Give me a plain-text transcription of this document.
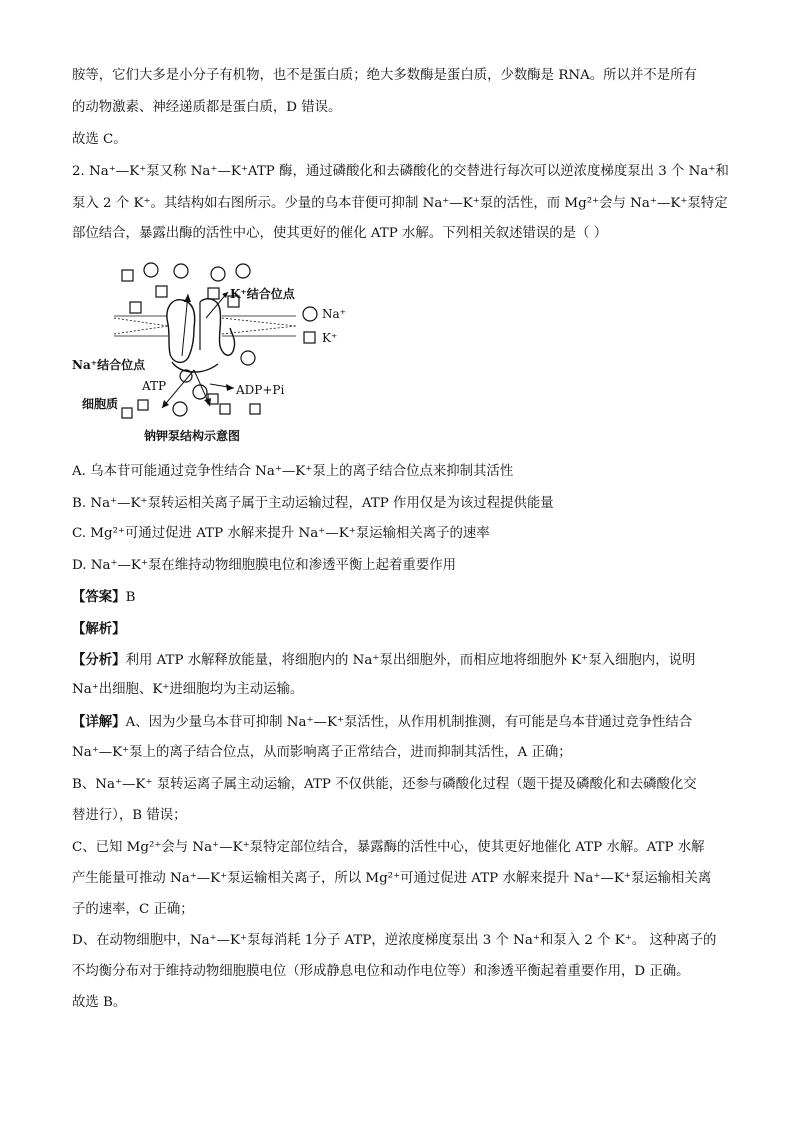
胺等，它们大多是小分子有机物，也不是蛋白质；绝大多数酶是蛋白质，少数酶是 RNA。所以并不是所有
的动物激素、神经递质都是蛋白质，D 错误。
故选 C。
2. Na⁺—K⁺泵又称 Na⁺—K⁺ATP 酶，通过磷酸化和去磷酸化的交替进行每次可以逆浓度梯度泵出 3 个 Na⁺和
泵入 2 个 K⁺。其结构如右图所示。少量的乌本苷便可抑制 Na⁺—K⁺泵的活性，而 Mg²⁺会与 Na⁺—K⁺泵特定
部位结合，暴露出酶的活性中心，使其更好的催化 ATP 水解。下列相关叙述错误的是（ ）
Na⁺
K⁺
K⁺结合位点
Na⁺结合位点
ATP	ADP+Pi
细胞质
钠钾泵结构示意图
A. 乌本苷可能通过竞争性结合 Na⁺—K⁺泵上的离子结合位点来抑制其活性
B. Na⁺—K⁺泵转运相关离子属于主动运输过程，ATP 作用仅是为该过程提供能量
C. Mg²⁺可通过促进 ATP 水解来提升 Na⁺—K⁺泵运输相关离子的速率
D. Na⁺—K⁺泵在维持动物细胞膜电位和渗透平衡上起着重要作用
【答案】B
【解析】
【分析】利用 ATP 水解释放能量，将细胞内的 Na⁺泵出细胞外，而相应地将细胞外 K⁺泵入细胞内，说明
Na⁺出细胞、K⁺进细胞均为主动运输。
【详解】A、因为少量乌本苷可抑制 Na⁺—K⁺泵活性，从作用机制推测，有可能是乌本苷通过竞争性结合
Na⁺—K⁺泵上的离子结合位点，从而影响离子正常结合，进而抑制其活性，A 正确；
B、Na⁺—K⁺ 泵转运离子属主动运输，ATP 不仅供能，还参与磷酸化过程（题干提及磷酸化和去磷酸化交
替进行），B 错误；
C、已知 Mg²⁺会与 Na⁺—K⁺泵特定部位结合，暴露酶的活性中心，使其更好地催化 ATP 水解。ATP 水解
产生能量可推动 Na⁺—K⁺泵运输相关离子，所以 Mg²⁺可通过促进 ATP 水解来提升 Na⁺—K⁺泵运输相关离
子的速率，C 正确；
D、在动物细胞中，Na⁺—K⁺泵每消耗 1分子 ATP，逆浓度梯度泵出 3 个 Na⁺和泵入 2 个 K⁺。 这种离子的
不均衡分布对于维持动物细胞膜电位（形成静息电位和动作电位等）和渗透平衡起着重要作用，D 正确。
故选 B。
